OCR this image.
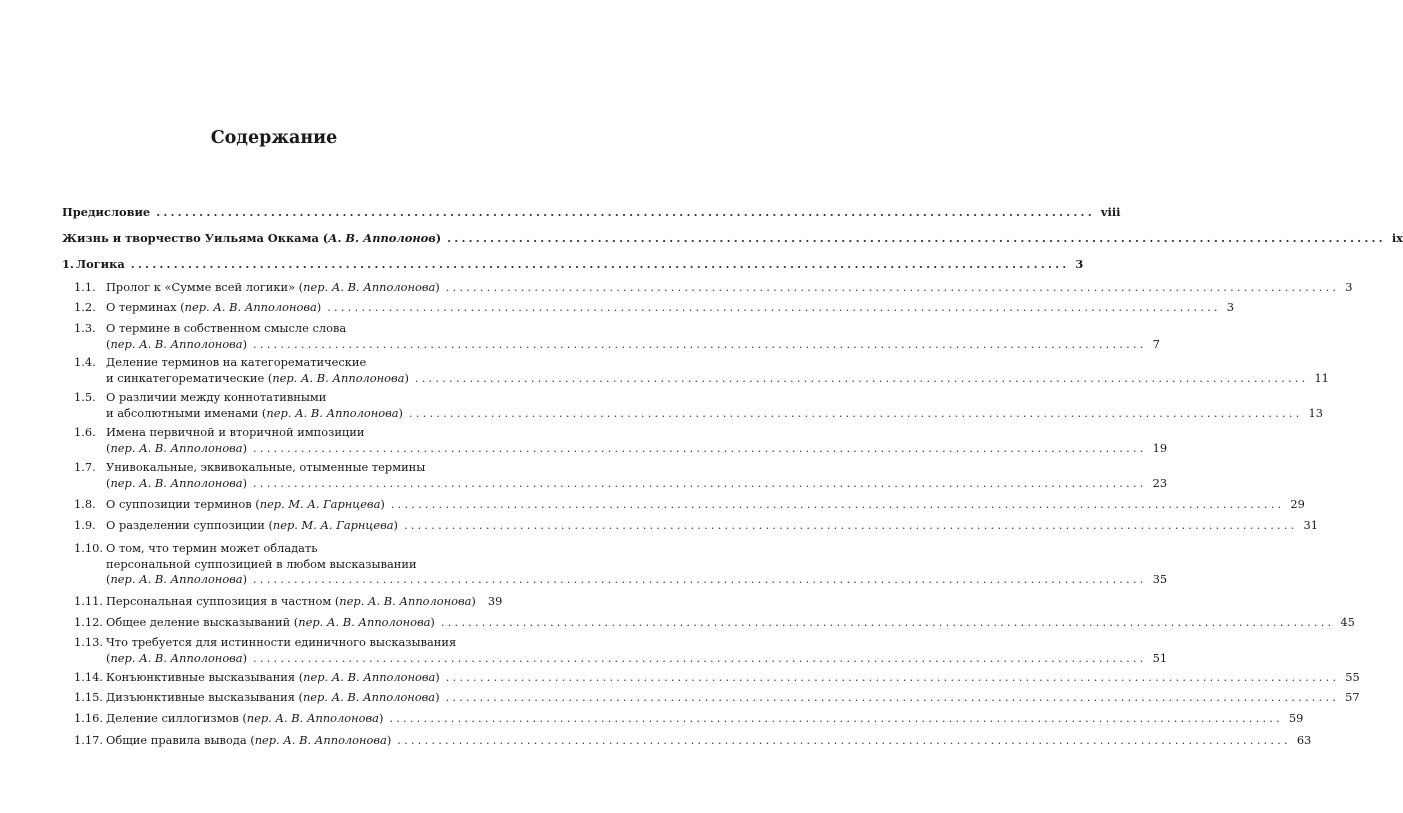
Содержание
Предисловие ................................................................................................................................... viii
Жизнь и творчество Уильяма Оккама (А. В. Апполонов) ................................................................................................................................... ix
1. Логика ................................................................................................................................... 3
1.1. Пролог к «Сумме всей логики» (пер. А. В. Апполонова) ................................................................................................................................... 3
1.2. О терминах (пер. А. В. Апполонова) ................................................................................................................................... 3
1.3. О термине в собственном смысле слова
(пер. А. В. Апполонова) ................................................................................................................................... 7
1.4. Деление терминов на категорематические
и синкатегорематические (пер. А. В. Апполонова) ................................................................................................................................... 11
1.5. О различии между коннотативными
и абсолютными именами (пер. А. В. Апполонова) ................................................................................................................................... 13
1.6. Имена первичной и вторичной импозиции
(пер. А. В. Апполонова) ................................................................................................................................... 19
1.7. Унивокальные, эквивокальные, отыменные термины
(пер. А. В. Апполонова) ................................................................................................................................... 23
1.8. О суппозиции терминов (пер. М. А. Гарнцева) ................................................................................................................................... 29
1.9. О разделении суппозиции (пер. М. А. Гарнцева) ................................................................................................................................... 31
1.10. О том, что термин может обладать
персональной суппозицией в любом высказывании
(пер. А. В. Апполонова) ................................................................................................................................... 35
1.11. Персональная суппозиция в частном (пер. А. В. Апполонова) 39
1.12. Общее деление высказываний (пер. А. В. Апполонова) ................................................................................................................................... 45
1.13. Что требуется для истинности единичного высказывания
(пер. А. В. Апполонова) ................................................................................................................................... 51
1.14. Конъюнктивные высказывания (пер. А. В. Апполонова) ................................................................................................................................... 55
1.15. Дизъюнктивные высказывания (пер. А. В. Апполонова) ................................................................................................................................... 57
1.16. Деление силлогизмов (пер. А. В. Апполонова) ................................................................................................................................... 59
1.17. Общие правила вывода (пер. А. В. Апполонова) ................................................................................................................................... 63
